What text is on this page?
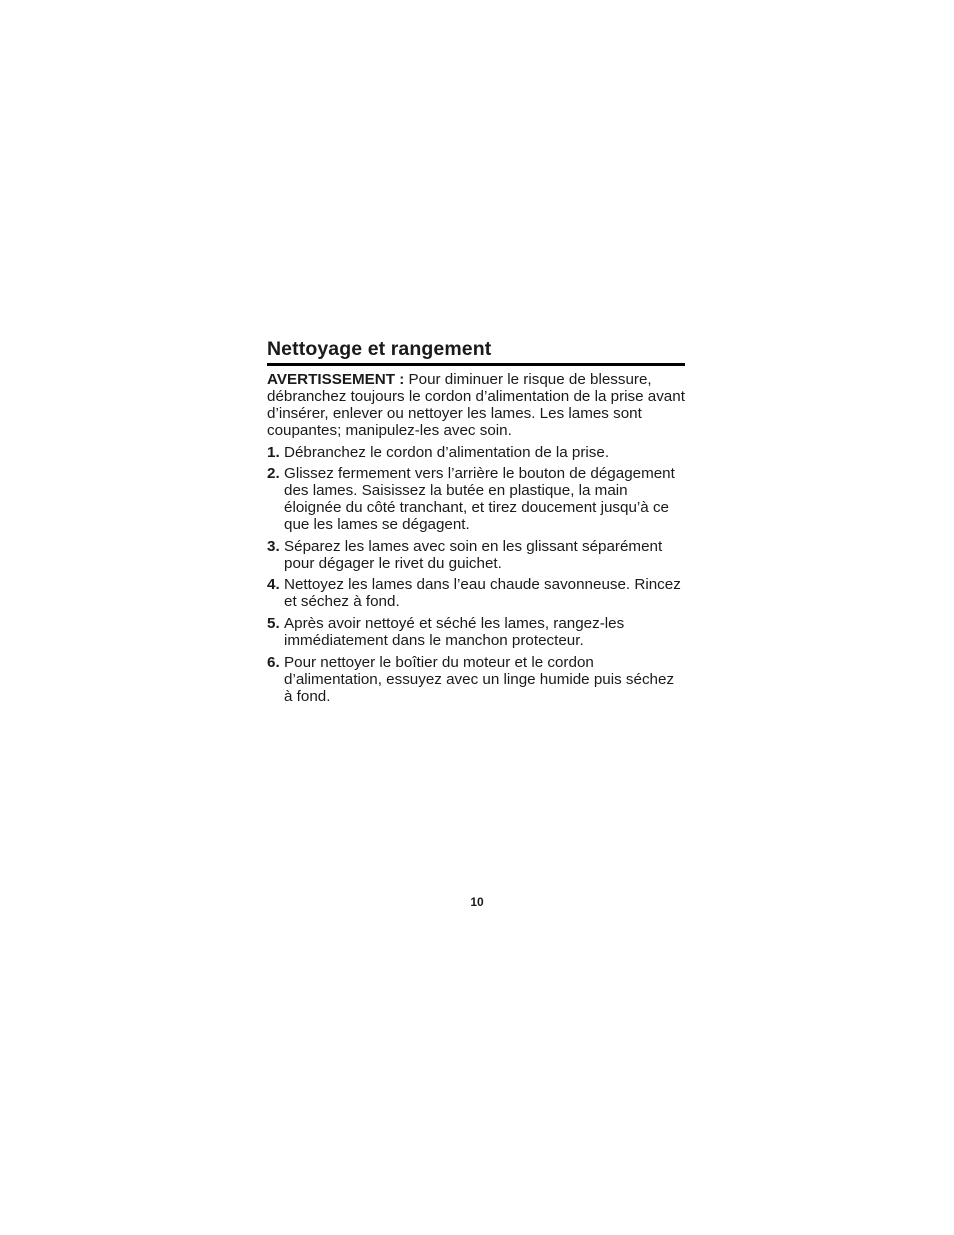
Nettoyage et rangement

AVERTISSEMENT : Pour diminuer le risque de blessure, débranchez toujours le cordon d’alimentation de la prise avant d’insérer, enlever ou nettoyer les lames. Les lames sont coupantes; manipulez-les avec soin.

1. Débranchez le cordon d’alimentation de la prise.
2. Glissez fermement vers l’arrière le bouton de dégagement des lames. Saisissez la butée en plastique, la main éloignée du côté tranchant, et tirez doucement jusqu’à ce que les lames se dégagent.
3. Séparez les lames avec soin en les glissant séparément pour dégager le rivet du guichet.
4. Nettoyez les lames dans l’eau chaude savonneuse. Rincez et séchez à fond.
5. Après avoir nettoyé et séché les lames, rangez-les immédiatement dans le manchon protecteur.
6. Pour nettoyer le boîtier du moteur et le cordon d’alimentation, essuyez avec un linge humide puis séchez à fond.
10
